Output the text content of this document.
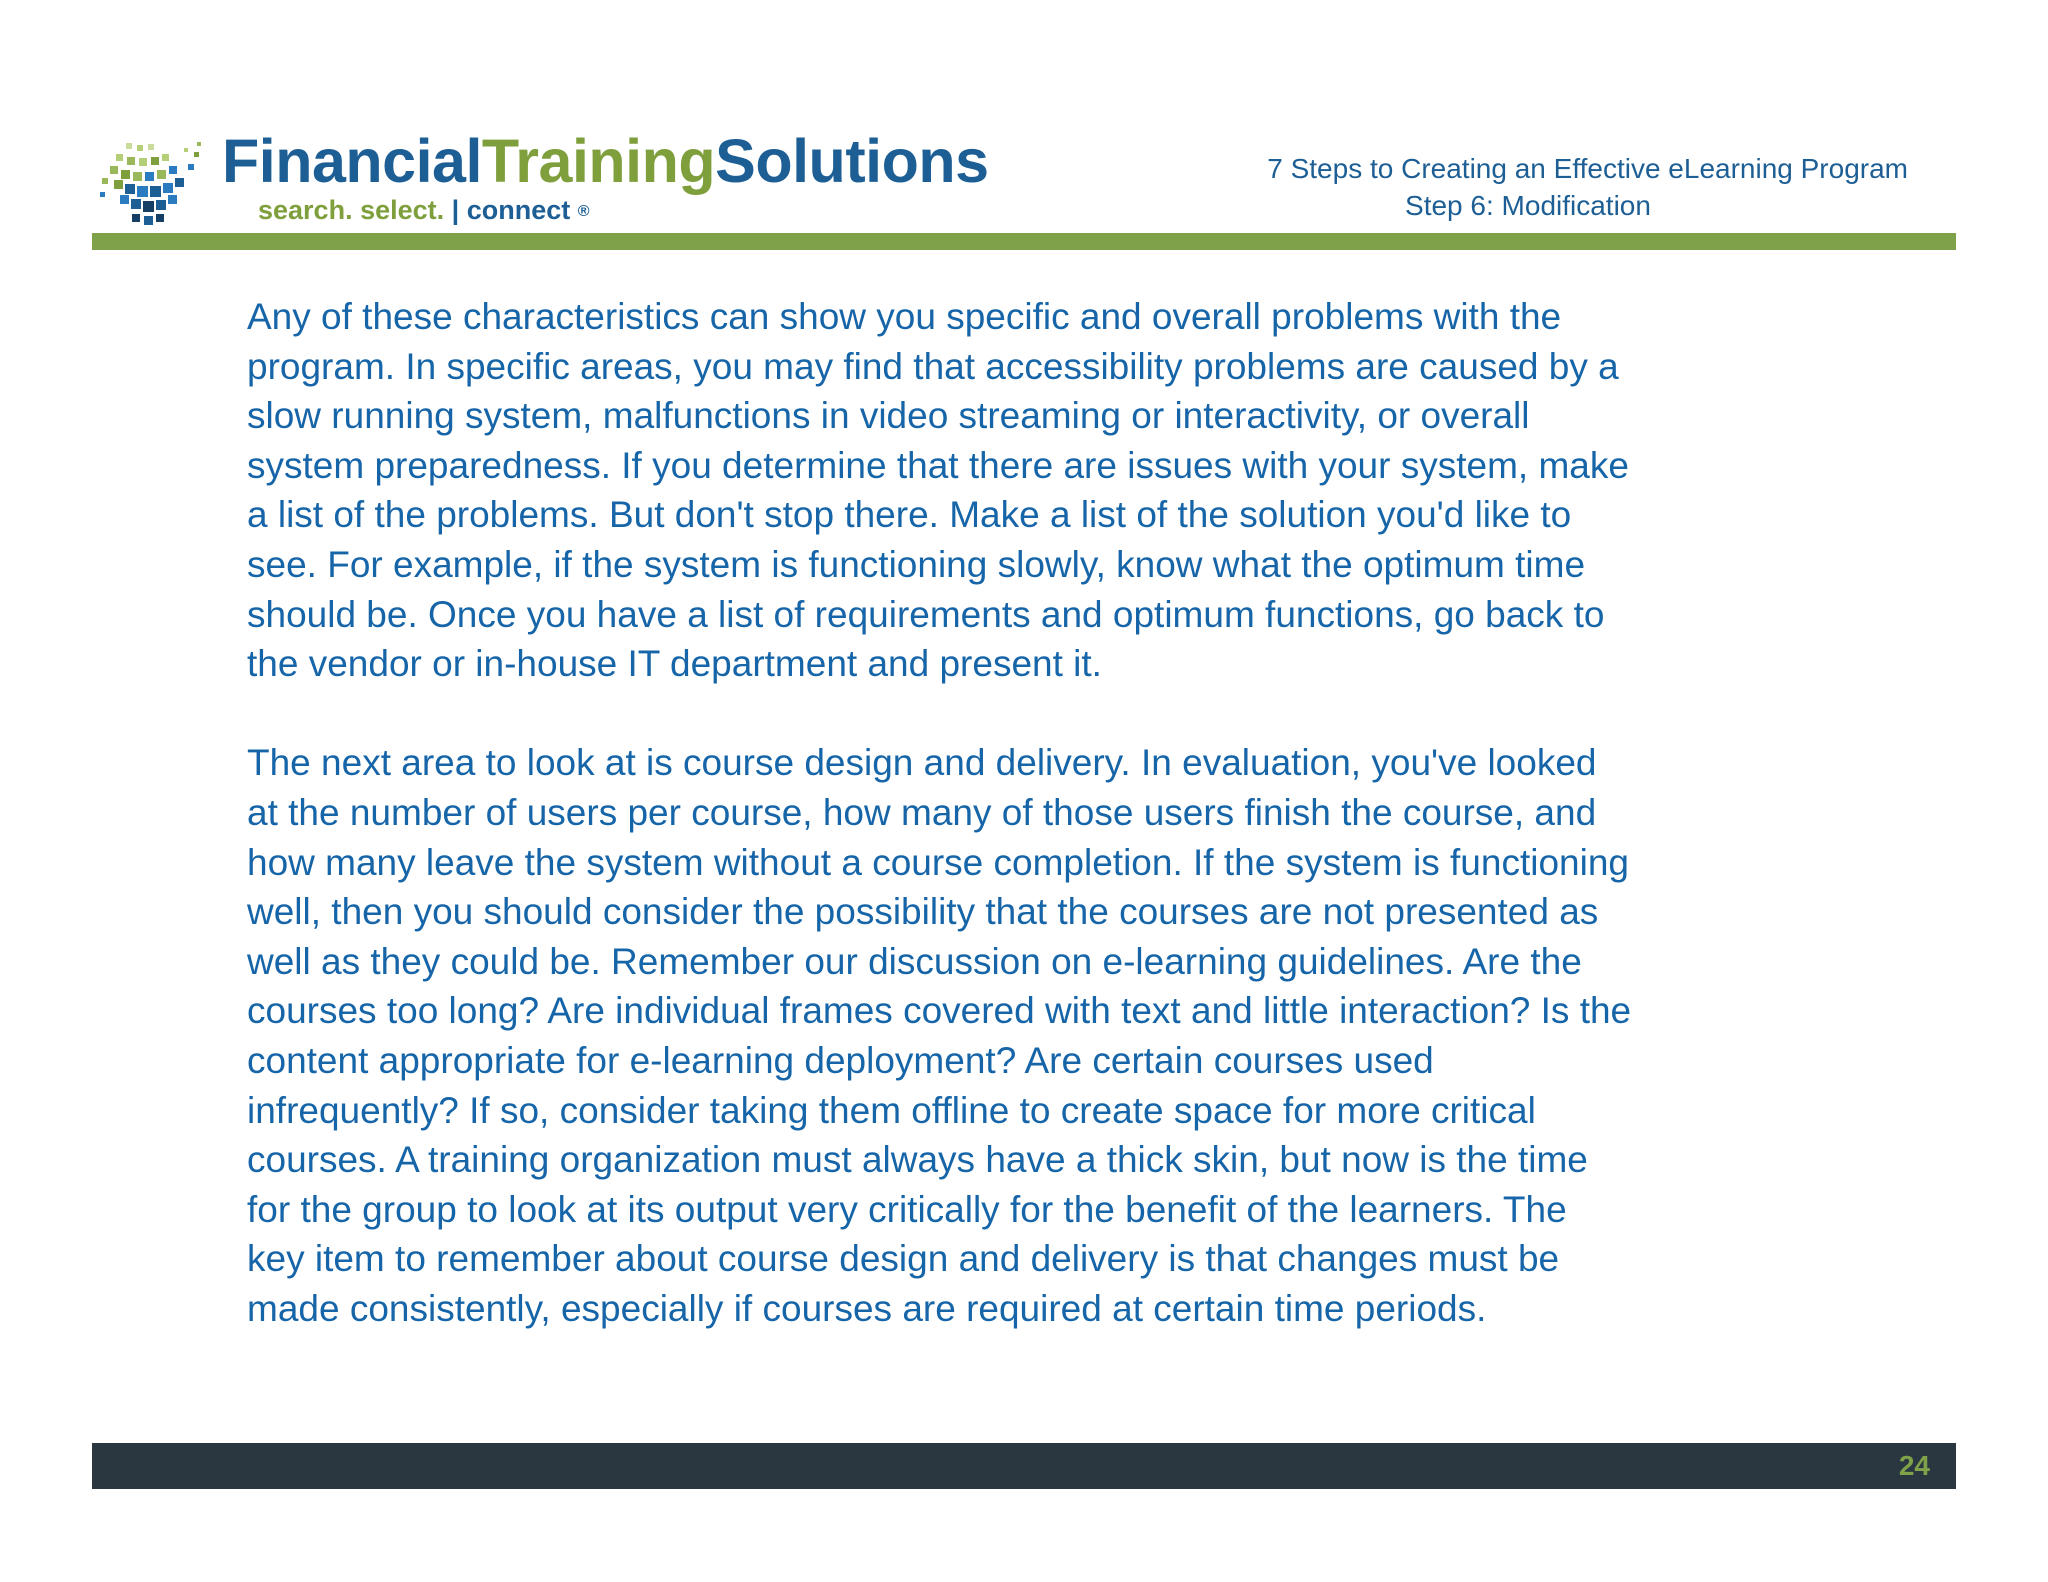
FinancialTrainingSolutions
search. select. | connect ®
7 Steps to Creating an Effective eLearning Program
Step 6: Modification

Any of these characteristics can show you specific and overall problems with the
program. In specific areas, you may find that accessibility problems are caused by a
slow running system, malfunctions in video streaming or interactivity, or overall
system preparedness. If you determine that there are issues with your system, make
a list of the problems. But don't stop there. Make a list of the solution you'd like to
see. For example, if the system is functioning slowly, know what the optimum time
should be. Once you have a list of requirements and optimum functions, go back to
the vendor or in-house IT department and present it.

The next area to look at is course design and delivery. In evaluation, you've looked
at the number of users per course, how many of those users finish the course, and
how many leave the system without a course completion. If the system is functioning
well, then you should consider the possibility that the courses are not presented as
well as they could be. Remember our discussion on e-learning guidelines. Are the
courses too long? Are individual frames covered with text and little interaction? Is the
content appropriate for e-learning deployment? Are certain courses used
infrequently? If so, consider taking them offline to create space for more critical
courses. A training organization must always have a thick skin, but now is the time
for the group to look at its output very critically for the benefit of the learners. The
key item to remember about course design and delivery is that changes must be
made consistently, especially if courses are required at certain time periods.

24
